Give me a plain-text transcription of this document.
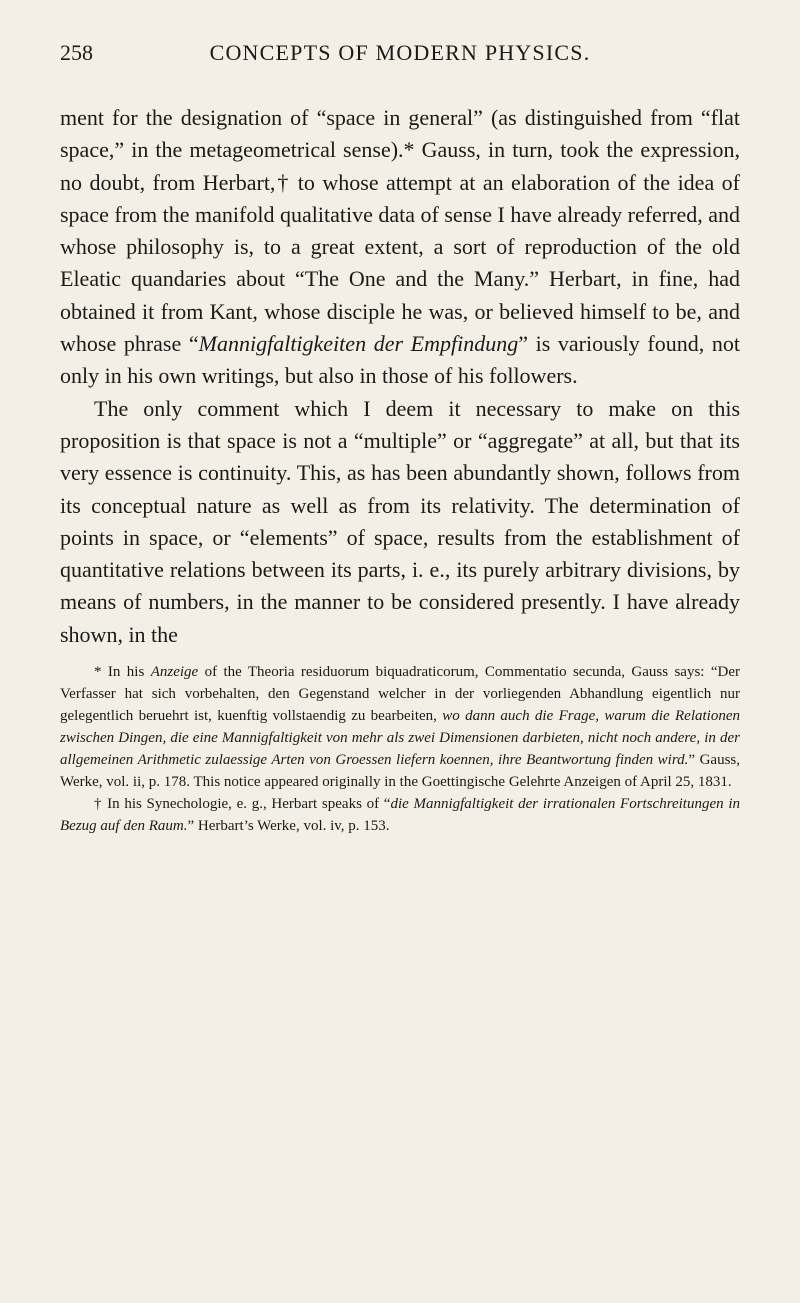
258	CONCEPTS OF MODERN PHYSICS.

ment for the designation of “space in general” (as distinguished from “flat space,” in the metageometrical sense).* Gauss, in turn, took the expression, no doubt, from Herbart,† to whose attempt at an elaboration of the idea of space from the manifold qualitative data of sense I have already referred, and whose philosophy is, to a great extent, a sort of reproduction of the old Eleatic quandaries about “The One and the Many.” Herbart, in fine, had obtained it from Kant, whose disciple he was, or believed himself to be, and whose phrase “Mannigfaltigkeiten der Empfindung” is variously found, not only in his own writings, but also in those of his followers.

The only comment which I deem it necessary to make on this proposition is that space is not a “multiple” or “aggregate” at all, but that its very essence is continuity. This, as has been abundantly shown, follows from its conceptual nature as well as from its relativity. The determination of points in space, or “elements” of space, results from the establishment of quantitative relations between its parts, i. e., its purely arbitrary divisions, by means of numbers, in the manner to be considered presently. I have already shown, in the

* In his Anzeige of the Theoria residuorum biquadraticorum, Commentatio secunda, Gauss says: “Der Verfasser hat sich vorbehalten, den Gegenstand welcher in der vorliegenden Abhandlung eigentlich nur gelegentlich beruehrt ist, kuenftig vollstaendig zu bearbeiten, wo dann auch die Frage, warum die Relationen zwischen Dingen, die eine Mannigfaltigkeit von mehr als zwei Dimensionen darbieten, nicht noch andere, in der allgemeinen Arithmetic zulaessige Arten von Groessen liefern koennen, ihre Beantwortung finden wird.” Gauss, Werke, vol. ii, p. 178. This notice appeared originally in the Goettingische Gelehrte Anzeigen of April 25, 1831.

† In his Synechologie, e. g., Herbart speaks of “die Mannigfaltigkeit der irrationalen Fortschreitungen in Bezug auf den Raum.” Herbart’s Werke, vol. iv, p. 153.
